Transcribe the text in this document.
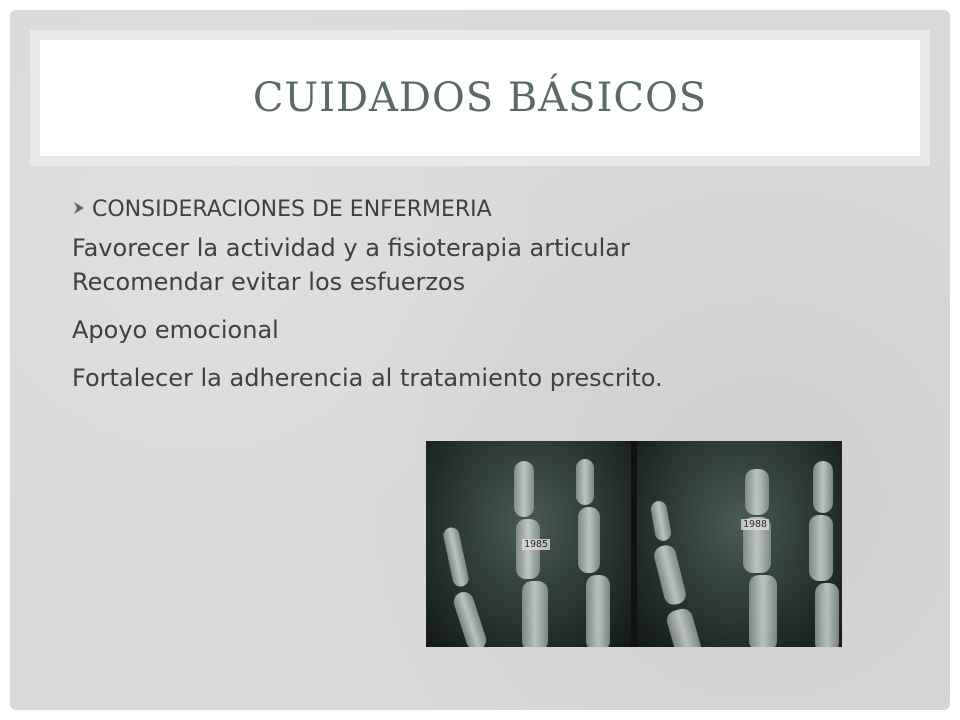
CUIDADOS BÁSICOS
CONSIDERACIONES DE ENFERMERIA

Favorecer la actividad y a fisioterapia articular

Recomendar evitar los esfuerzos

Apoyo emocional

Fortalecer la adherencia al tratamiento prescrito.

1985
1988
